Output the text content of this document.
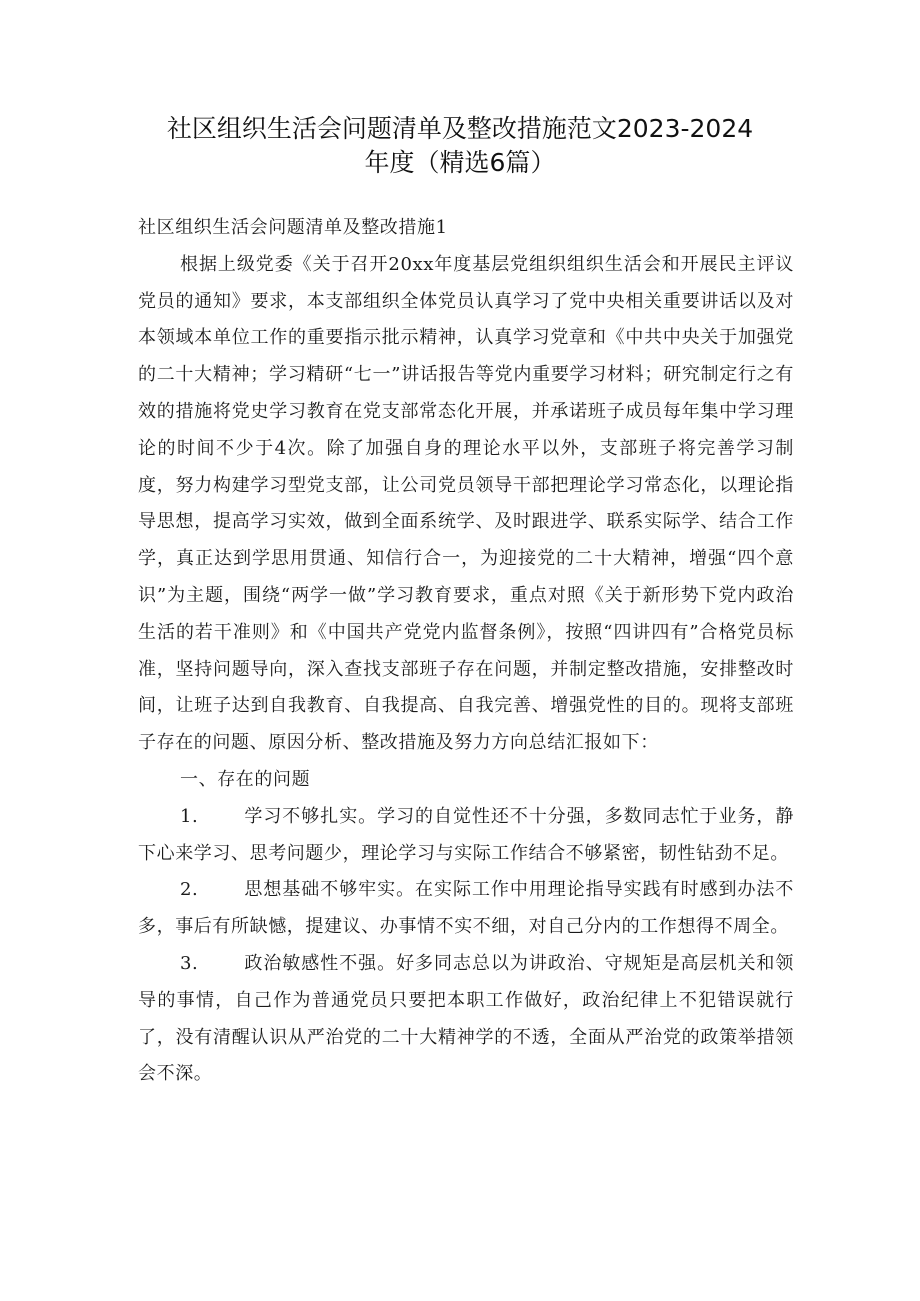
社区组织生活会问题清单及整改措施范文2023-2024
年度（精选6篇）

社区组织生活会问题清单及整改措施1

根据上级党委《关于召开20xx年度基层党组织组织生活会和开展民主评议党员的通知》要求，本支部组织全体党员认真学习了党中央相关重要讲话以及对本领域本单位工作的重要指示批示精神，认真学习党章和《中共中央关于加强党的二十大精神；学习精研“七一”讲话报告等党内重要学习材料；研究制定行之有效的措施将党史学习教育在党支部常态化开展，并承诺班子成员每年集中学习理论的时间不少于4次。除了加强自身的理论水平以外，支部班子将完善学习制度，努力构建学习型党支部，让公司党员领导干部把理论学习常态化，以理论指导思想，提高学习实效，做到全面系统学、及时跟进学、联系实际学、结合工作学，真正达到学思用贯通、知信行合一，为迎接党的二十大精神，增强“四个意识”为主题，围绕“两学一做”学习教育要求，重点对照《关于新形势下党内政治生活的若干准则》和《中国共产党党内监督条例》，按照“四讲四有”合格党员标准，坚持问题导向，深入查找支部班子存在问题，并制定整改措施，安排整改时间，让班子达到自我教育、自我提高、自我完善、增强党性的目的。现将支部班子存在的问题、原因分析、整改措施及努力方向总结汇报如下：

一、存在的问题

1.	学习不够扎实。学习的自觉性还不十分强，多数同志忙于业务，静下心来学习、思考问题少，理论学习与实际工作结合不够紧密，韧性钻劲不足。

2.	思想基础不够牢实。在实际工作中用理论指导实践有时感到办法不多，事后有所缺憾，提建议、办事情不实不细，对自己分内的工作想得不周全。

3.	政治敏感性不强。好多同志总以为讲政治、守规矩是高层机关和领导的事情，自己作为普通党员只要把本职工作做好，政治纪律上不犯错误就行了，没有清醒认识从严治党的二十大精神学的不透，全面从严治党的政策举措领会不深。
